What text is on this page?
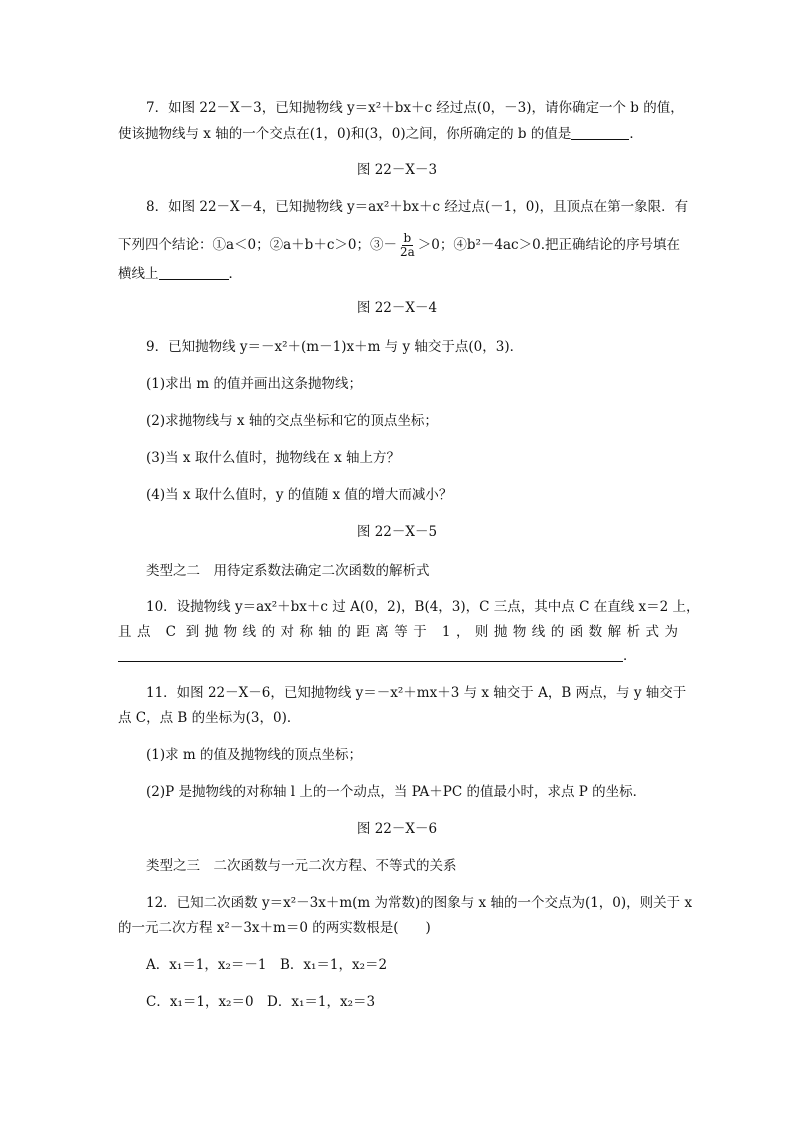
7．如图 22－X－3，已知抛物线 y＝x²＋bx＋c 经过点(0，－3)，请你确定一个 b 的值，
使该抛物线与 x 轴的一个交点在(1，0)和(3，0)之间，你所确定的 b 的值是	．
图 22－X－3
8．如图 22－X－4，已知抛物线 y＝ax²＋bx＋c 经过点(－1，0)，且顶点在第一象限．有
下列四个结论：①a＜0；②a＋b＋c＞0；③－ $\frac{b}{2a} >0$；④b²－4ac＞0.把正确结论的序号填在
横线上	．
图 22－X－4
9．已知抛物线 y＝－x²＋(m－1)x＋m 与 y 轴交于点(0，3)．
(1)求出 m 的值并画出这条抛物线；
(2)求抛物线与 x 轴的交点坐标和它的顶点坐标；
(3)当 x 取什么值时，抛物线在 x 轴上方？
(4)当 x 取什么值时，y 的值随 x 值的增大而减小？
图 22－X－5
类型之二　用待定系数法确定二次函数的解析式
10．设抛物线 y＝ax²＋bx＋c 过 A(0，2)，B(4，3)，C 三点，其中点 C 在直线 x＝2 上，
且点 C 到抛物线的对称轴的距离等于 1，则抛物线的函数解析式为
．
11．如图 22－X－6，已知抛物线 y＝－x²＋mx＋3 与 x 轴交于 A，B 两点，与 y 轴交于
点 C，点 B 的坐标为(3，0)．
(1)求 m 的值及抛物线的顶点坐标；
(2)P 是抛物线的对称轴 l 上的一个动点，当 PA＋PC 的值最小时，求点 P 的坐标．
图 22－X－6
类型之三　二次函数与一元二次方程、不等式的关系
12．已知二次函数 y＝x²－3x＋m(m 为常数)的图象与 x 轴的一个交点为(1，0)，则关于 x
的一元二次方程 x²－3x＋m＝0 的两实数根是(　　)
A．x₁＝1，x₂＝－1　B．x₁＝1，x₂＝2
C．x₁＝1，x₂＝0　D．x₁＝1，x₂＝3
